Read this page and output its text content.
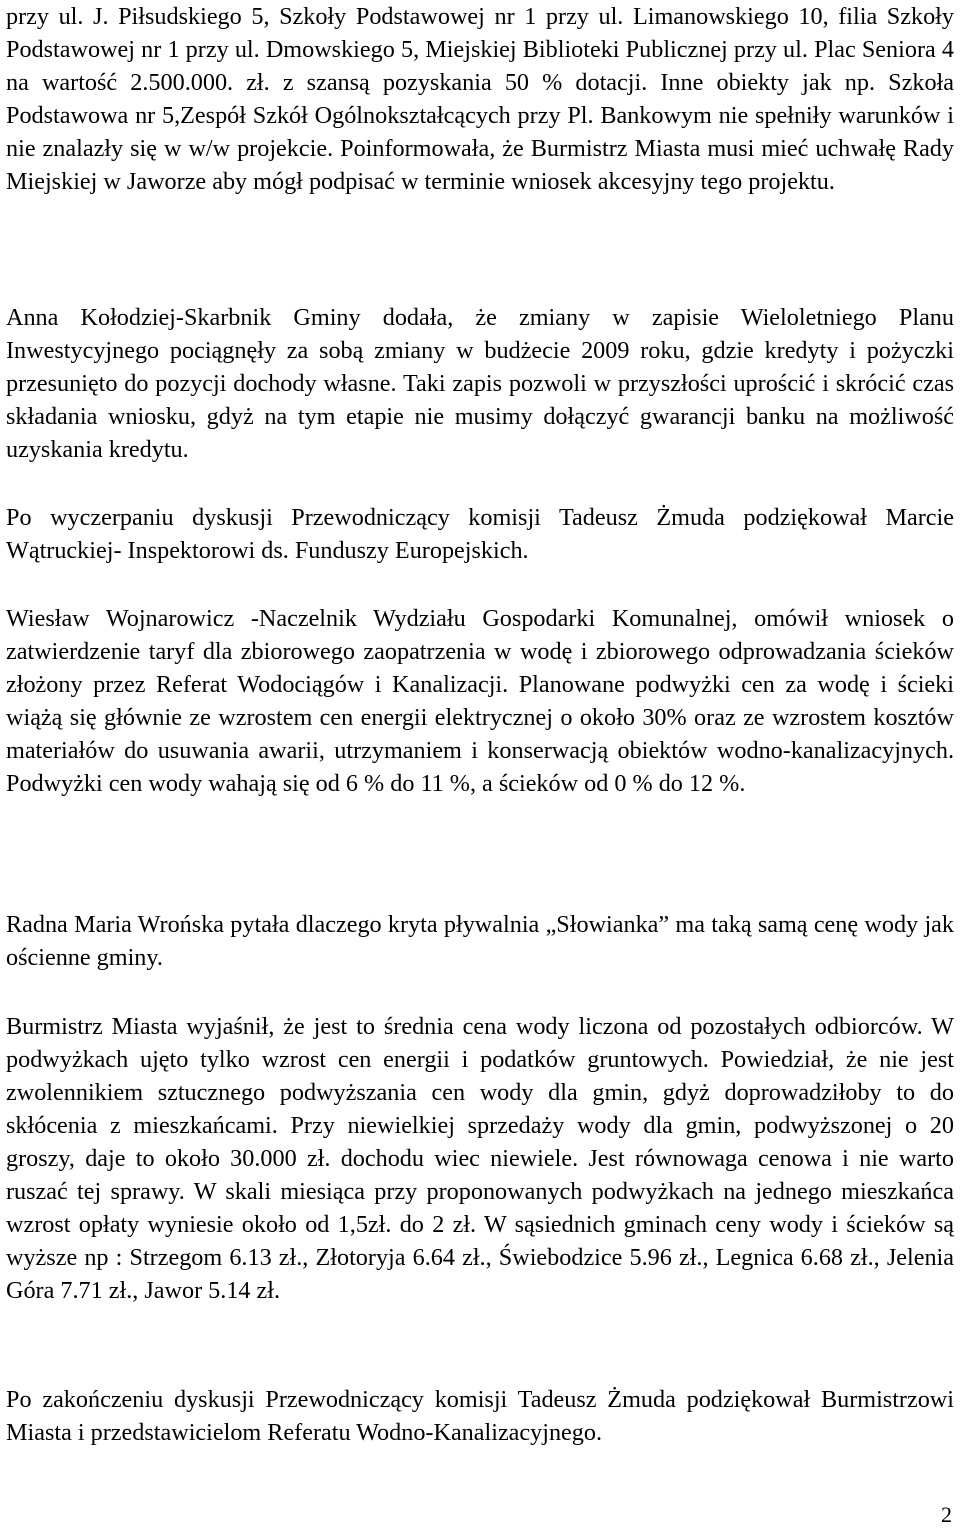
przy ul. J. Piłsudskiego 5, Szkoły Podstawowej nr 1 przy ul. Limanowskiego 10, filia Szkoły Podstawowej nr 1 przy ul. Dmowskiego 5, Miejskiej Biblioteki Publicznej przy ul. Plac Seniora 4 na wartość 2.500.000. zł. z szansą pozyskania 50 % dotacji. Inne obiekty jak np. Szkoła Podstawowa nr 5,Zespół Szkół Ogólnokształcących przy Pl. Bankowym nie spełniły warunków i nie znalazły się w w/w projekcie. Poinformowała, że Burmistrz Miasta musi mieć uchwałę Rady Miejskiej w Jaworze aby mógł podpisać w terminie wniosek akcesyjny tego projektu.

Anna Kołodziej-Skarbnik Gminy dodała, że zmiany w zapisie Wieloletniego Planu Inwestycyjnego pociągnęły za sobą zmiany w budżecie 2009 roku, gdzie kredyty i pożyczki przesunięto do pozycji dochody własne. Taki zapis pozwoli w przyszłości uprościć i skrócić czas składania wniosku, gdyż na tym etapie nie musimy dołączyć gwarancji banku na możliwość uzyskania kredytu.

Po wyczerpaniu dyskusji Przewodniczący komisji Tadeusz Żmuda podziękował Marcie Wątruckiej- Inspektorowi ds. Funduszy Europejskich.

Wiesław Wojnarowicz -Naczelnik Wydziału Gospodarki Komunalnej, omówił wniosek o zatwierdzenie taryf dla zbiorowego zaopatrzenia w wodę i zbiorowego odprowadzania ścieków złożony przez Referat Wodociągów i Kanalizacji. Planowane podwyżki cen za wodę i ścieki wiążą się głównie ze wzrostem cen energii elektrycznej o około 30% oraz ze wzrostem kosztów materiałów do usuwania awarii, utrzymaniem i konserwacją obiektów wodno-kanalizacyjnych. Podwyżki cen wody wahają się od 6 % do 11 %, a ścieków od 0 % do 12 %.

Radna Maria Wrońska pytała dlaczego kryta pływalnia „Słowianka” ma taką samą cenę wody jak ościenne gminy.

Burmistrz Miasta wyjaśnił, że jest to średnia cena wody liczona od pozostałych odbiorców. W podwyżkach ujęto tylko wzrost cen energii i podatków gruntowych. Powiedział, że nie jest zwolennikiem sztucznego podwyższania cen wody dla gmin, gdyż doprowadziłoby to do skłócenia z mieszkańcami. Przy niewielkiej sprzedaży wody dla gmin, podwyższonej o 20 groszy, daje to około 30.000 zł. dochodu wiec niewiele. Jest równowaga cenowa i nie warto ruszać tej sprawy. W skali miesiąca przy proponowanych podwyżkach na jednego mieszkańca wzrost opłaty wyniesie około od 1,5zł. do 2 zł. W sąsiednich gminach ceny wody i ścieków są wyższe np : Strzegom 6.13 zł., Złotoryja 6.64 zł., Świebodzice 5.96 zł., Legnica 6.68 zł., Jelenia Góra 7.71 zł., Jawor 5.14 zł.

Po zakończeniu dyskusji Przewodniczący komisji Tadeusz Żmuda podziękował Burmistrzowi Miasta i przedstawicielom Referatu Wodno-Kanalizacyjnego.

2
